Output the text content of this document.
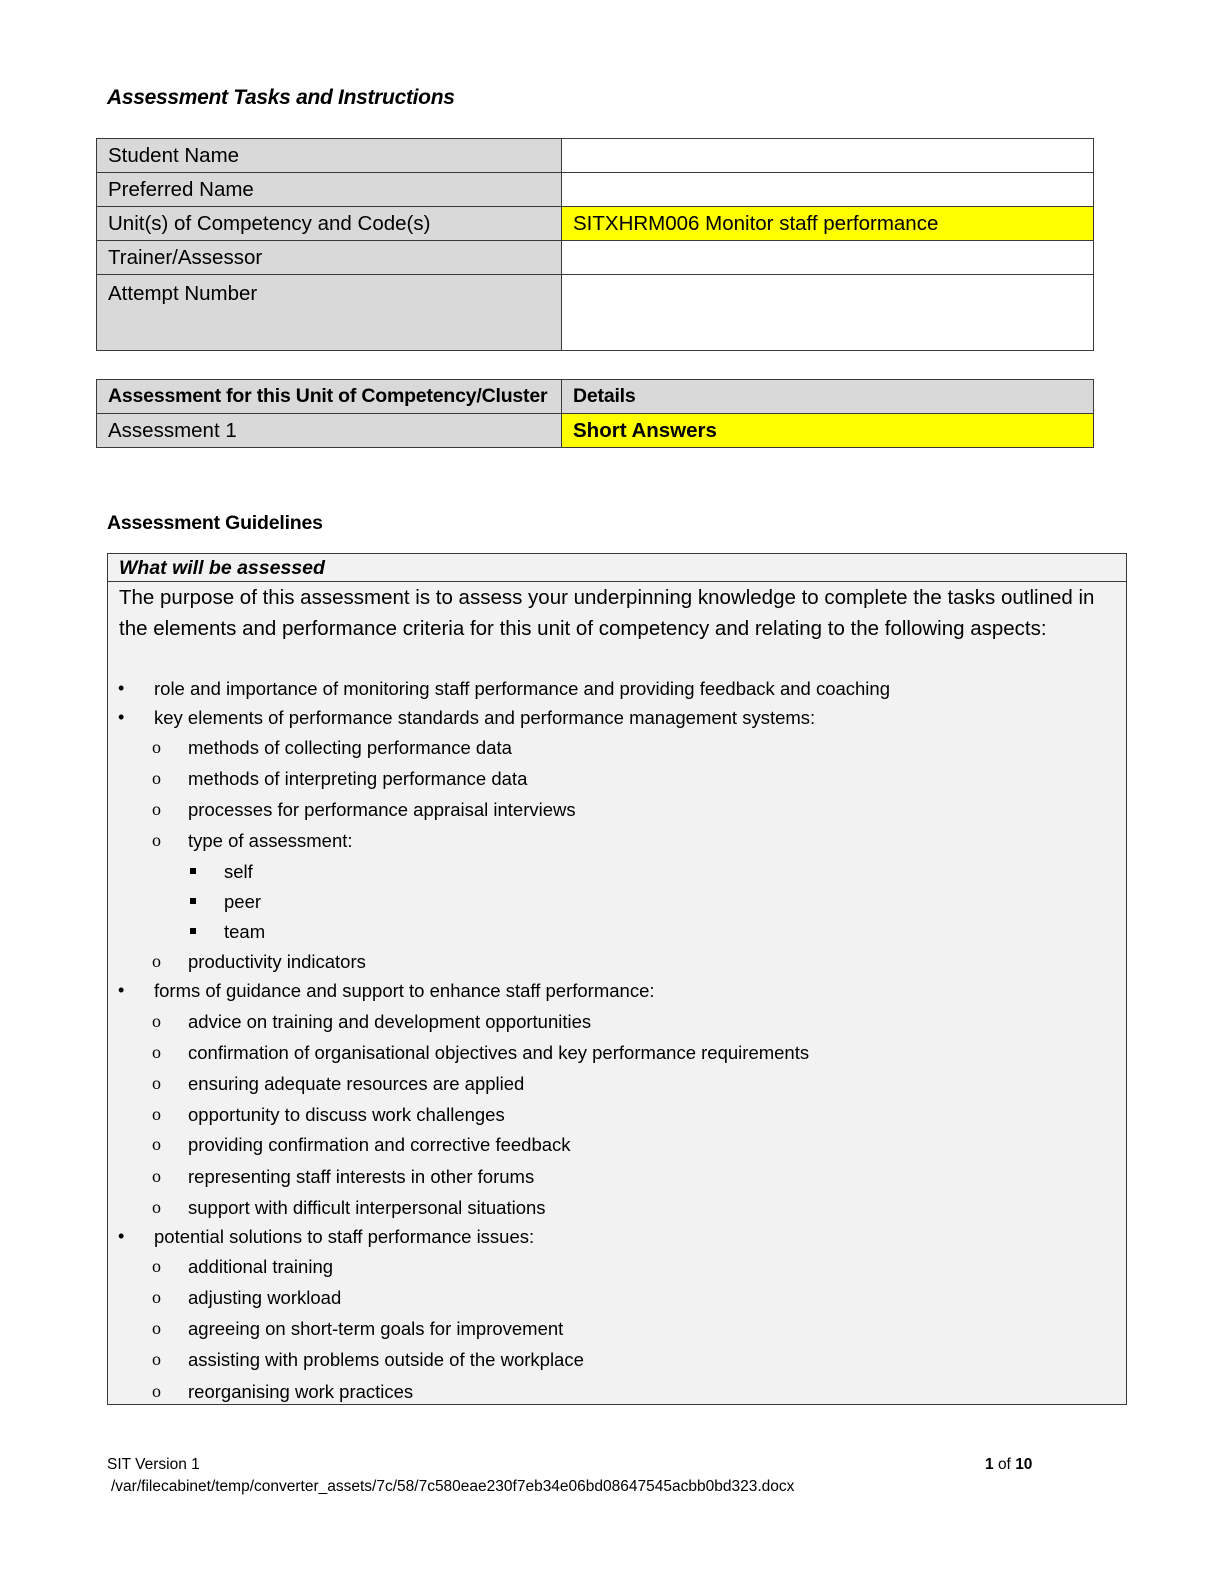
Assessment Tasks and Instructions
Student Name	
Preferred Name	
Unit(s) of Competency and Code(s)	SITXHRM006 Monitor staff performance
Trainer/Assessor	
Attempt Number	
Assessment for this Unit of Competency/Cluster	Details
Assessment 1	Short Answers
Assessment Guidelines
What will be assessed
The purpose of this assessment is to assess your underpinning knowledge to complete the tasks outlined in the elements and performance criteria for this unit of competency and relating to the following aspects:
• role and importance of monitoring staff performance and providing feedback and coaching
• key elements of performance standards and performance management systems:
o methods of collecting performance data
o methods of interpreting performance data
o processes for performance appraisal interviews
o type of assessment:
self
peer
team
o productivity indicators
• forms of guidance and support to enhance staff performance:
o advice on training and development opportunities
o confirmation of organisational objectives and key performance requirements
o ensuring adequate resources are applied
o opportunity to discuss work challenges
o providing confirmation and corrective feedback
o representing staff interests in other forums
o support with difficult interpersonal situations
• potential solutions to staff performance issues:
o additional training
o adjusting workload
o agreeing on short-term goals for improvement
o assisting with problems outside of the workplace
o reorganising work practices
SIT Version 1
/var/filecabinet/temp/converter_assets/7c/58/7c580eae230f7eb34e06bd08647545acbb0bd323.docx
1 of 10
